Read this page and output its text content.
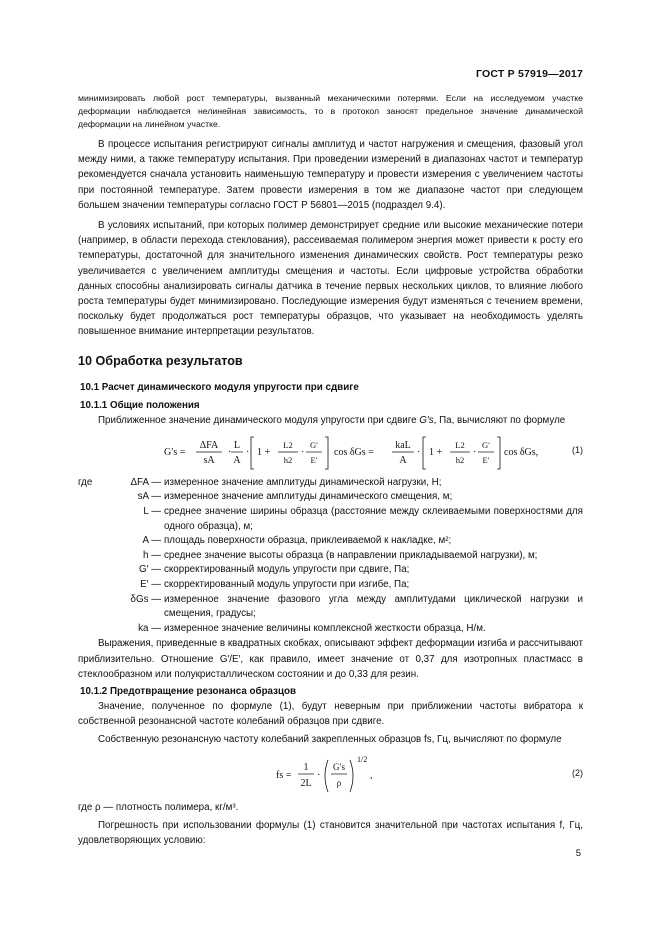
ГОСТ Р 57919—2017

минимизировать любой рост температуры, вызванный механическими потерями. Если на исследуемом участке деформации наблюдается нелинейная зависимость, то в протокол заносят предельное значение динамической деформации на линейном участке.

В процессе испытания регистрируют сигналы амплитуд и частот нагружения и смещения, фазовый угол между ними, а также температуру испытания. При проведении измерений в диапазонах частот и температур рекомендуется сначала установить наименьшую температуру и провести измерения с увеличением частоты при постоянной температуре. Затем провести измерения в том же диапазоне частот при следующем большем значении температуры согласно ГОСТ Р 56801—2015 (подраздел 9.4).

В условиях испытаний, при которых полимер демонстрирует средние или высокие механические потери (например, в области перехода стеклования), рассеиваемая полимером энергия может привести к росту его температуры, достаточной для значительного изменения динамических свойств. Рост температуры резко увеличивается с увеличением амплитуды смещения и частоты. Если цифровые устройства обработки данных способны анализировать сигналы датчика в течение первых нескольких циклов, то влияние любого роста температуры будет минимизировано. Последующие измерения будут изменяться с течением времени, поскольку будет продолжаться рост температуры образцов, что указывает на необходимость уделять повышенное внимание интерпретации результатов.

10 Обработка результатов
10.1 Расчет динамического модуля упругости при сдвиге
10.1.1 Общие положения

Приближенное значение динамического модуля упругости при сдвиге G′s, Па, вычисляют по формуле

G′s =
ΔFA
sA
·
L
A
· 1 +
L2
h2
·
G′
E′
cos δGs =
kaL
A
· 1 +
L2
h2
·
G′
E′
cos δGs,	(1)
где	ΔFA — измеренное значение амплитуды динамической нагрузки, Н;
sA — измеренное значение амплитуды динамического смещения, м;
L — среднее значение ширины образца (расстояние между склеиваемыми поверхностями для одного образца), м;
A — площадь поверхности образца, приклеиваемой к накладке, м²;
h — среднее значение высоты образца (в направлении прикладываемой нагрузки), м;
G′ — скорректированный модуль упругости при сдвиге, Па;
E′ — скорректированный модуль упругости при изгибе, Па;
δGs — измеренное значение фазового угла между амплитудами циклической нагрузки и смещения, градусы;
ka — измеренное значение величины комплексной жесткости образца, Н/м.

Выражения, приведенные в квадратных скобках, описывают эффект деформации изгиба и рассчитывают приблизительно. Отношение G′/E′, как правило, имеет значение от 0,37 для изотропных пластмасс в стеклообразном или полукристаллическом состоянии и до 0,33 для резин.

10.1.2 Предотвращение резонанса образцов

Значение, полученное по формуле (1), будут неверным при приближении частоты вибратора к собственной резонансной частоте колебаний образцов при сдвиге.

Собственную резонансную частоту колебаний закрепленных образцов fs, Гц, вычисляют по формуле

fs =
1
2L
·
G′s
ρ
1/2
,	(2)

где ρ — плотность полимера, кг/м³.

Погрешность при использовании формулы (1) становится значительной при частотах испытания f, Гц, удовлетворяющих условию:

5
